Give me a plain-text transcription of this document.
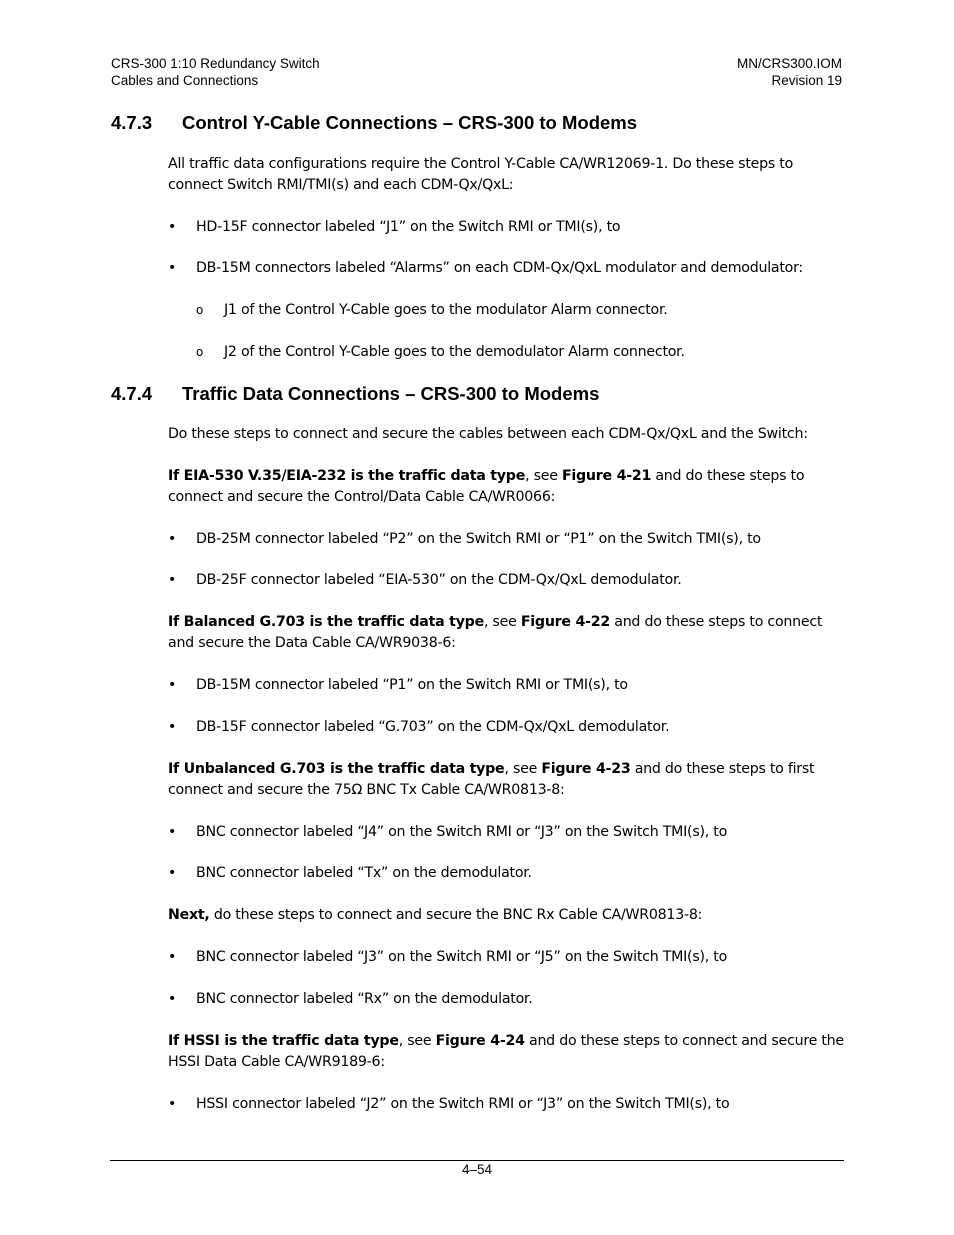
CRS-300 1:10 Redundancy Switch
Cables and Connections
MN/CRS300.IOM
Revision 19
4.7.3 Control Y-Cable Connections – CRS-300 to Modems
All traffic data configurations require the Control Y-Cable CA/WR12069-1. Do these steps to connect Switch RMI/TMI(s) and each CDM-Qx/QxL:
• HD-15F connector labeled “J1” on the Switch RMI or TMI(s), to
• DB-15M connectors labeled “Alarms” on each CDM-Qx/QxL modulator and demodulator:
o J1 of the Control Y-Cable goes to the modulator Alarm connector.
o J2 of the Control Y-Cable goes to the demodulator Alarm connector.
4.7.4 Traffic Data Connections – CRS-300 to Modems
Do these steps to connect and secure the cables between each CDM-Qx/QxL and the Switch:
If EIA-530 V.35/EIA-232 is the traffic data type, see Figure 4-21 and do these steps to connect and secure the Control/Data Cable CA/WR0066:
• DB-25M connector labeled “P2” on the Switch RMI or “P1” on the Switch TMI(s), to
• DB-25F connector labeled “EIA-530” on the CDM-Qx/QxL demodulator.
If Balanced G.703 is the traffic data type, see Figure 4-22 and do these steps to connect and secure the Data Cable CA/WR9038-6:
• DB-15M connector labeled “P1” on the Switch RMI or TMI(s), to
• DB-15F connector labeled “G.703” on the CDM-Qx/QxL demodulator.
If Unbalanced G.703 is the traffic data type, see Figure 4-23 and do these steps to first connect and secure the 75Ω BNC Tx Cable CA/WR0813-8:
• BNC connector labeled “J4” on the Switch RMI or “J3” on the Switch TMI(s), to
• BNC connector labeled “Tx” on the demodulator.
Next, do these steps to connect and secure the BNC Rx Cable CA/WR0813-8:
• BNC connector labeled “J3” on the Switch RMI or “J5” on the Switch TMI(s), to
• BNC connector labeled “Rx” on the demodulator.
If HSSI is the traffic data type, see Figure 4-24 and do these steps to connect and secure the HSSI Data Cable CA/WR9189-6:
• HSSI connector labeled “J2” on the Switch RMI or “J3” on the Switch TMI(s), to
4–54
